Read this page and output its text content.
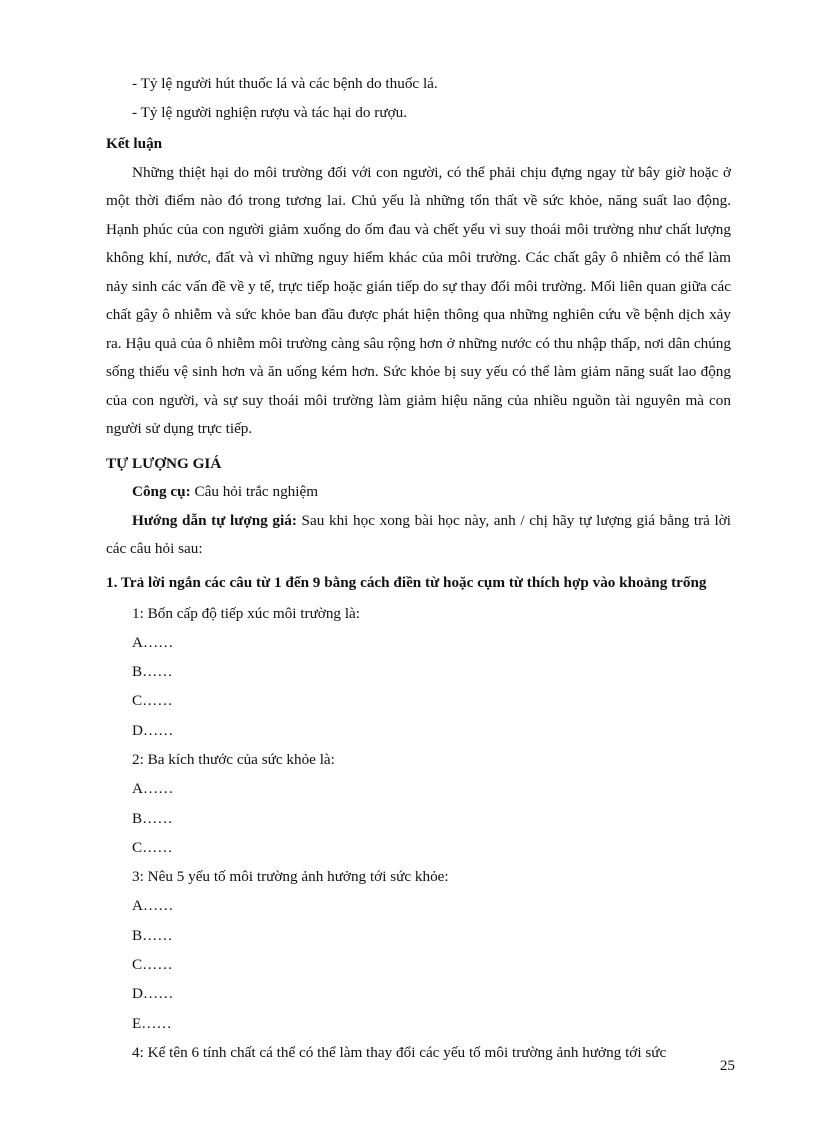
- Tỷ lệ người hút thuốc lá và các bệnh do thuốc lá.

- Tỷ lệ người nghiện rượu và tác hại do rượu.

Kết luận

Những thiệt hại do môi trường đối với con người, có thể phải chịu đựng ngay từ bây giờ hoặc ở một thời điểm nào đó trong tương lai. Chủ yếu là những tổn thất về sức khỏe, năng suất lao động. Hạnh phúc của con người giảm xuống do ốm đau và chết yểu vì suy thoái môi trường như chất lượng không khí, nước, đất và vì những nguy hiểm khác của môi trường. Các chất gây ô nhiễm có thể làm nảy sinh các vấn đề về y tế, trực tiếp hoặc gián tiếp do sự thay đổi môi trường. Mối liên quan giữa các chất gây ô nhiễm và sức khỏe ban đầu được phát hiện thông qua những nghiên cứu về bệnh dịch xảy ra. Hậu quả của ô nhiễm môi trường càng sâu rộng hơn ở những nước có thu nhập thấp, nơi dân chúng sống thiếu vệ sinh hơn và ăn uống kém hơn. Sức khỏe bị suy yếu có thể làm giảm năng suất lao động của con người, và sự suy thoái môi trường làm giảm hiệu năng của nhiều nguồn tài nguyên mà con người sử dụng trực tiếp.

TỰ LƯỢNG GIÁ

Công cụ: Câu hỏi trắc nghiệm

Hướng dẫn tự lượng giá: Sau khi học xong bài học này, anh / chị hãy tự lượng giá bằng trả lời các câu hỏi sau:

1. Trả lời ngắn các câu từ 1 đến 9 bằng cách điền từ hoặc cụm từ thích hợp vào khoảng trống

1: Bốn cấp độ tiếp xúc môi trường là:

A……

B……

C……

D……

2: Ba kích thước của sức khỏe là:

A……

B……

C……

3: Nêu 5 yếu tố môi trường ảnh hưởng tới sức khỏe:

A……

B……

C……

D……

E……

4: Kể tên 6 tính chất cá thể có thể làm thay đổi các yếu tố môi trường ảnh hưởng tới sức

25
